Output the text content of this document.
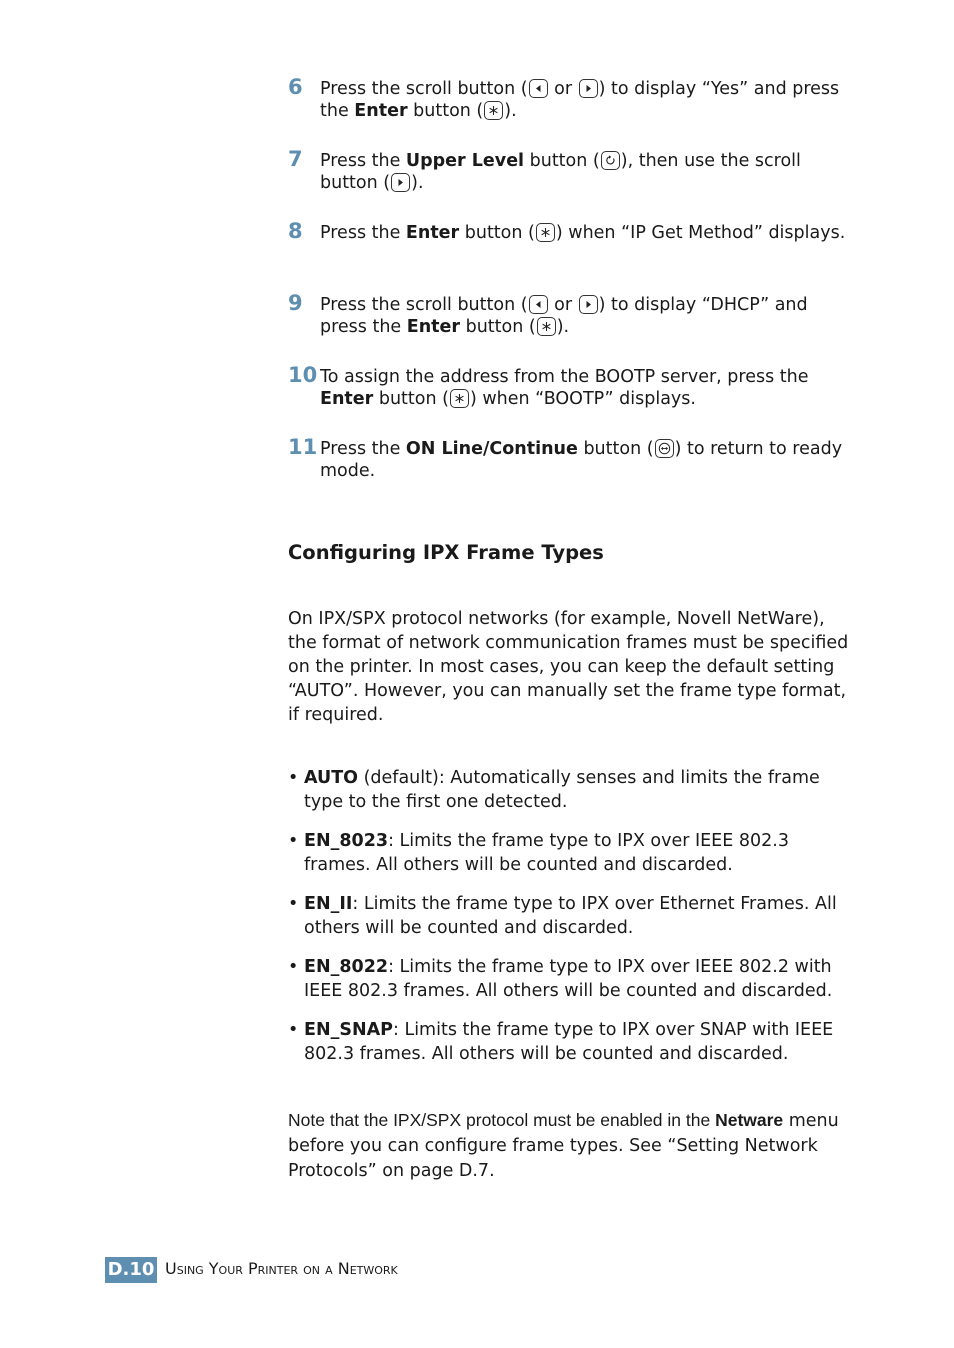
6 Press the scroll button (
or
) to display “Yes” and press the Enter button ( ).
7 Press the Upper Level button ( ), then use the scroll button ( ).
8 Press the Enter button ( ) when “IP Get Method” displays.
9 Press the scroll button (
or
) to display “DHCP” and press the Enter button ( ).
10 To assign the address from the BOOTP server, press the Enter button ( ) when “BOOTP” displays.
11 Press the ON Line/Continue button ( ) to return to ready mode.
Configuring IPX Frame Types
On IPX/SPX protocol networks (for example, Novell NetWare), the format of network communication frames must be specified on the printer. In most cases, you can keep the default setting “AUTO”. However, you can manually set the frame type format, if required.
• AUTO (default): Automatically senses and limits the frame type to the first one detected.
• EN_8023: Limits the frame type to IPX over IEEE 802.3 frames. All others will be counted and discarded.
• EN_II: Limits the frame type to IPX over Ethernet Frames. All others will be counted and discarded.
• EN_8022: Limits the frame type to IPX over IEEE 802.2 with IEEE 802.3 frames. All others will be counted and discarded.
• EN_SNAP: Limits the frame type to IPX over SNAP with IEEE 802.3 frames. All others will be counted and discarded.
Note that the IPX/SPX protocol must be enabled in the Netware menu before you can configure frame types. See “Setting Network Protocols” on page D.7.
D.10 Using Your Printer on a Network
